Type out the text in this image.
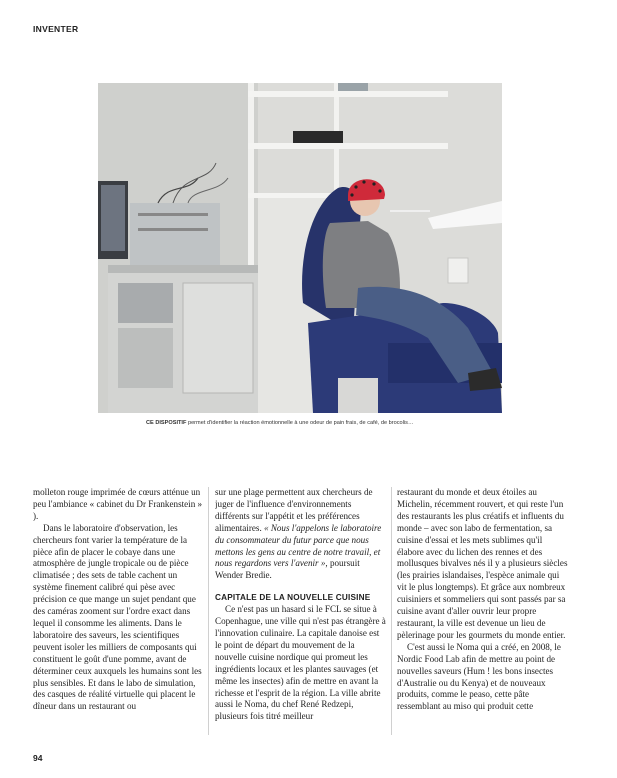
INVENTER
CE DISPOSITIF permet d'identifier la réaction émotionnelle à une odeur de pain frais, de café, de brocolis…

molleton rouge imprimée de cœurs atténue un peu l'ambiance « cabinet du Dr Frankenstein » ).

Dans le laboratoire d'observation, les chercheurs font varier la température de la pièce afin de placer le cobaye dans une atmosphère de jungle tropicale ou de pièce climatisée ; des sets de table cachent un système finement calibré qui pèse avec précision ce que mange un sujet pendant que des caméras zooment sur l'ordre exact dans lequel il consomme les aliments. Dans le laboratoire des saveurs, les scientifiques peuvent isoler les milliers de composants qui constituent le goût d'une pomme, avant de déterminer ceux auxquels les humains sont les plus sensibles. Et dans le labo de simulation, des casques de réalité virtuelle qui placent le dîneur dans un restaurant ou

sur une plage permettent aux chercheurs de juger de l'influence d'environnements différents sur l'appétit et les préférences alimentaires. « Nous l'appelons le laboratoire du consommateur du futur parce que nous mettons les gens au centre de notre travail, et nous regardons vers l'avenir », poursuit Wender Bredie.

CAPITALE DE LA NOUVELLE CUISINE

Ce n'est pas un hasard si le FCL se situe à Copenhague, une ville qui n'est pas étrangère à l'innovation culinaire. La capitale danoise est le point de départ du mouvement de la nouvelle cuisine nordique qui promeut les ingrédients locaux et les plantes sauvages (et même les insectes) afin de mettre en avant la richesse et l'esprit de la région. La ville abrite aussi le Noma, du chef René Redzepi, plusieurs fois titré meilleur

restaurant du monde et deux étoiles au Michelin, récemment rouvert, et qui reste l'un des restaurants les plus créatifs et influents du monde – avec son labo de fermentation, sa cuisine d'essai et les mets sublimes qu'il élabore avec du lichen des rennes et des mollusques bivalves nés il y a plusieurs siècles (les prairies islandaises, l'espèce animale qui vit le plus longtemps). Et grâce aux nombreux cuisiniers et sommeliers qui sont passés par sa cuisine avant d'aller ouvrir leur propre restaurant, la ville est devenue un lieu de pèlerinage pour les gourmets du monde entier.

C'est aussi le Noma qui a créé, en 2008, le Nordic Food Lab afin de mettre au point de nouvelles saveurs (Hum ! les bons insectes d'Australie ou du Kenya) et de nouveaux produits, comme le peaso, cette pâte ressemblant au miso qui produit cette

94
